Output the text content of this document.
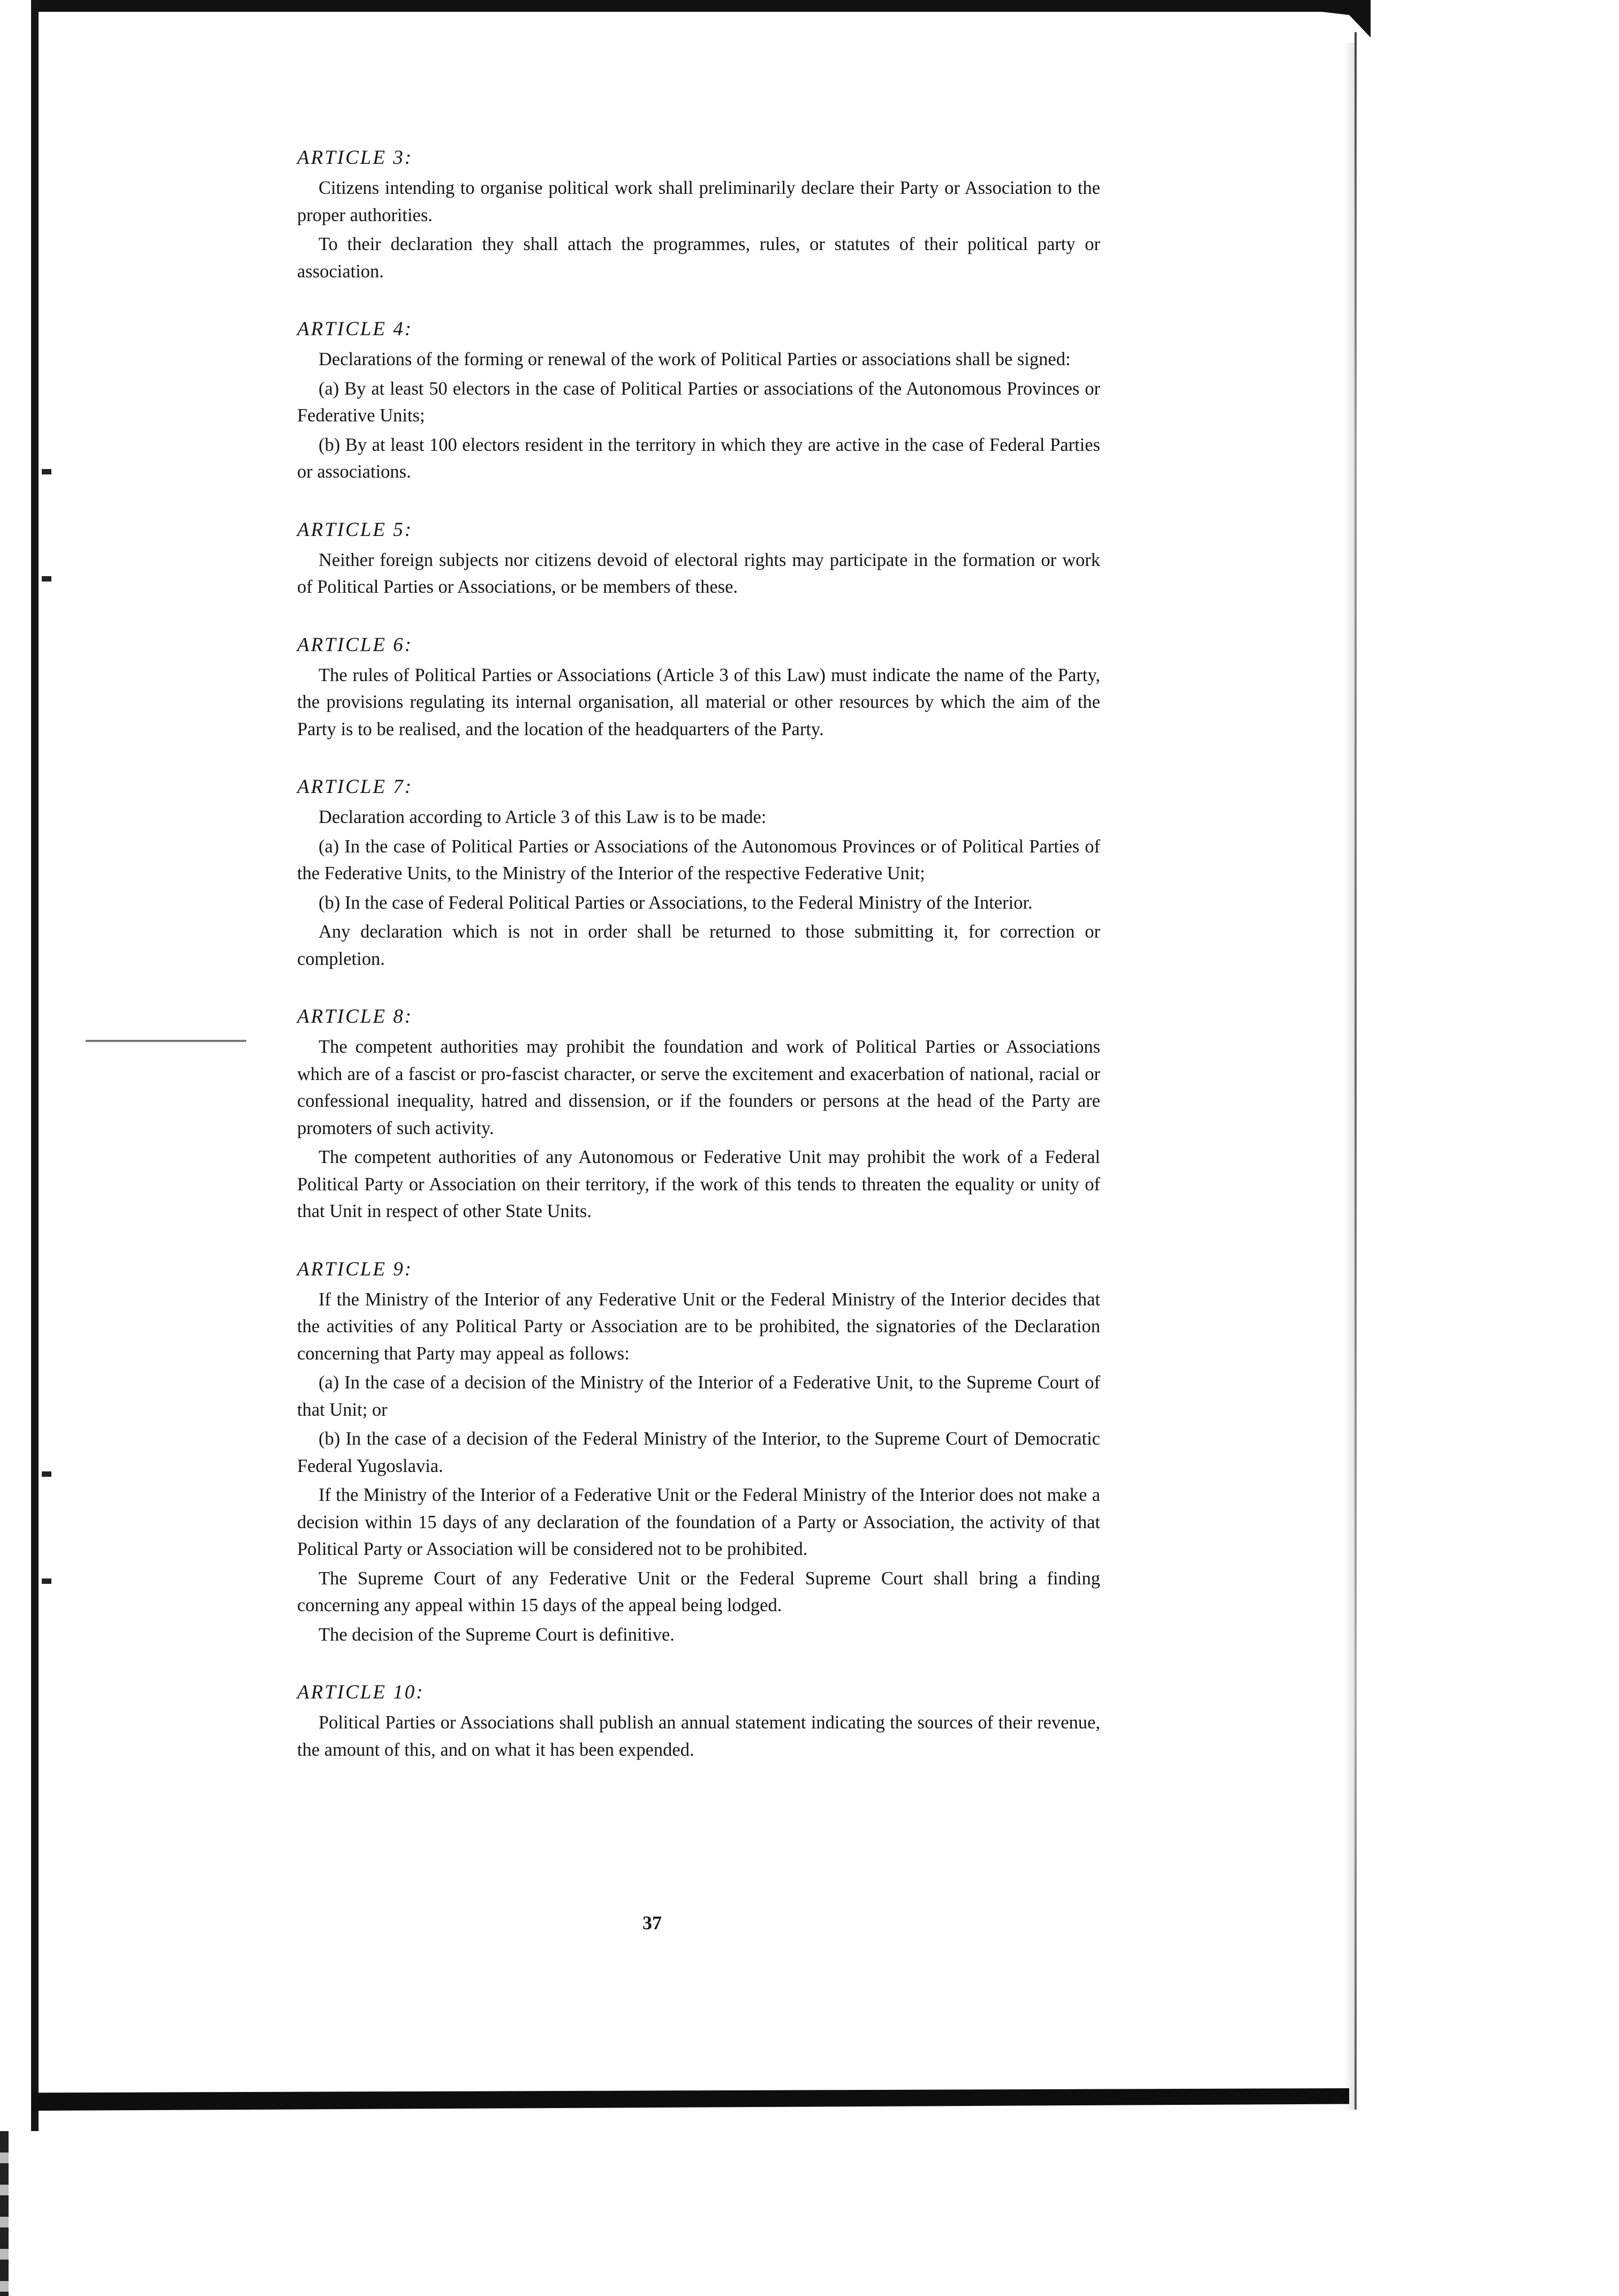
ARTICLE 3:

Citizens intending to organise political work shall preliminarily declare their Party or Association to the proper authorities.

To their declaration they shall attach the programmes, rules, or statutes of their political party or association.

ARTICLE 4:

Declarations of the forming or renewal of the work of Political Parties or associations shall be signed:

(a) By at least 50 electors in the case of Political Parties or associations of the Autonomous Provinces or Federative Units;

(b) By at least 100 electors resident in the territory in which they are active in the case of Federal Parties or associations.

ARTICLE 5:

Neither foreign subjects nor citizens devoid of electoral rights may participate in the formation or work of Political Parties or Associations, or be members of these.

ARTICLE 6:

The rules of Political Parties or Associations (Article 3 of this Law) must indicate the name of the Party, the provisions regulating its internal organisation, all material or other resources by which the aim of the Party is to be realised, and the location of the headquarters of the Party.

ARTICLE 7:

Declaration according to Article 3 of this Law is to be made:

(a) In the case of Political Parties or Associations of the Autonomous Provinces or of Political Parties of the Federative Units, to the Ministry of the Interior of the respective Federative Unit;

(b) In the case of Federal Political Parties or Associations, to the Federal Ministry of the Interior.

Any declaration which is not in order shall be returned to those submitting it, for correction or completion.

ARTICLE 8:

The competent authorities may prohibit the foundation and work of Political Parties or Associations which are of a fascist or pro-fascist character, or serve the excitement and exacerbation of national, racial or confessional inequality, hatred and dissension, or if the founders or persons at the head of the Party are promoters of such activity.

The competent authorities of any Autonomous or Federative Unit may prohibit the work of a Federal Political Party or Association on their territory, if the work of this tends to threaten the equality or unity of that Unit in respect of other State Units.

ARTICLE 9:

If the Ministry of the Interior of any Federative Unit or the Federal Ministry of the Interior decides that the activities of any Political Party or Association are to be prohibited, the signatories of the Declaration concerning that Party may appeal as follows:

(a) In the case of a decision of the Ministry of the Interior of a Federative Unit, to the Supreme Court of that Unit; or

(b) In the case of a decision of the Federal Ministry of the Interior, to the Supreme Court of Democratic Federal Yugoslavia.

If the Ministry of the Interior of a Federative Unit or the Federal Ministry of the Interior does not make a decision within 15 days of any declaration of the foundation of a Party or Association, the activity of that Political Party or Association will be considered not to be prohibited.

The Supreme Court of any Federative Unit or the Federal Supreme Court shall bring a finding concerning any appeal within 15 days of the appeal being lodged.

The decision of the Supreme Court is definitive.

ARTICLE 10:

Political Parties or Associations shall publish an annual statement indicating the sources of their revenue, the amount of this, and on what it has been expended.

37
